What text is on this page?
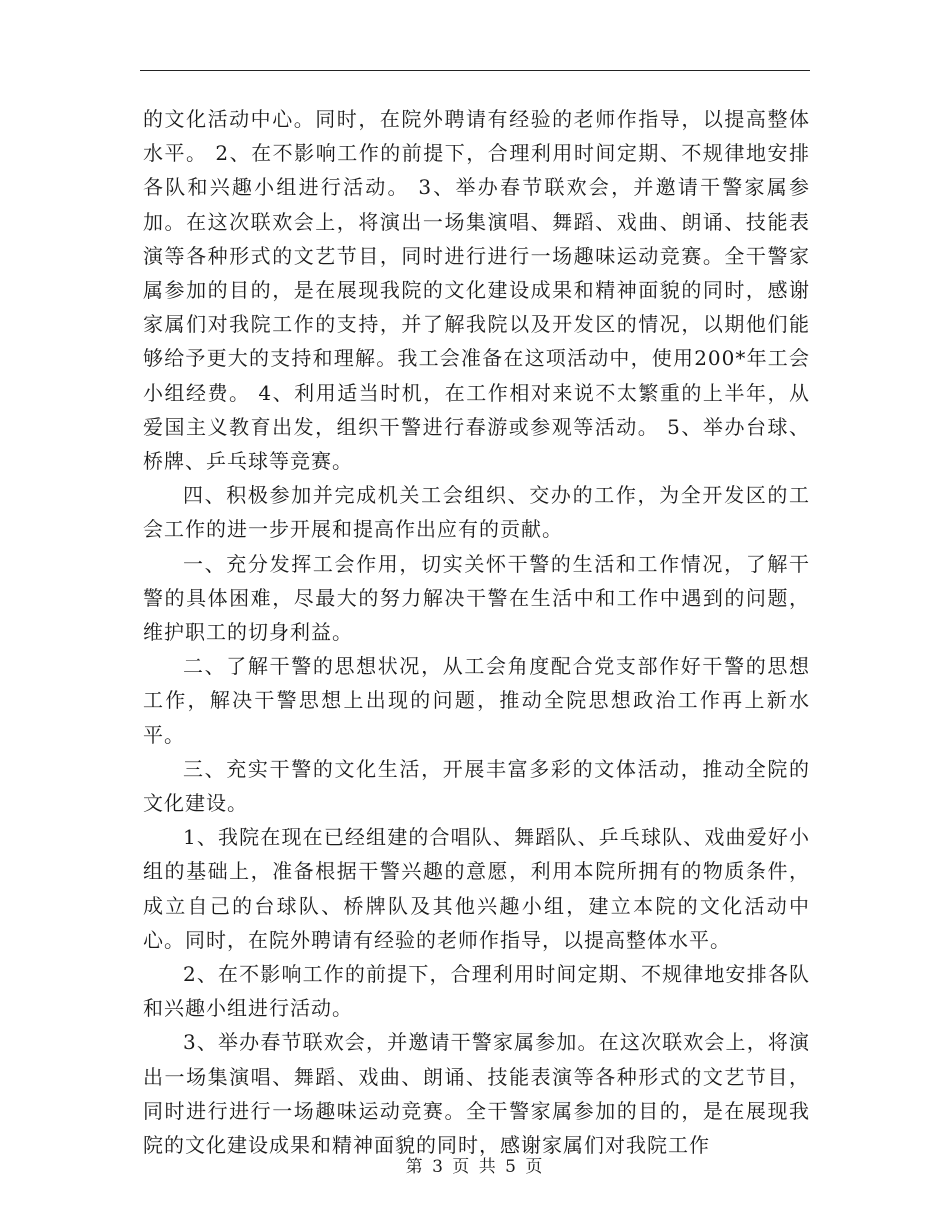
的文化活动中心。同时，在院外聘请有经验的老师作指导，以提高整体水平。 2、在不影响工作的前提下，合理利用时间定期、不规律地安排各队和兴趣小组进行活动。 3、举办春节联欢会，并邀请干警家属参加。在这次联欢会上，将演出一场集演唱、舞蹈、戏曲、朗诵、技能表演等各种形式的文艺节目，同时进行进行一场趣味运动竞赛。全干警家属参加的目的，是在展现我院的文化建设成果和精神面貌的同时，感谢家属们对我院工作的支持，并了解我院以及开发区的情况，以期他们能够给予更大的支持和理解。我工会准备在这项活动中，使用200*年工会小组经费。 4、利用适当时机，在工作相对来说不太繁重的上半年，从爱国主义教育出发，组织干警进行春游或参观等活动。 5、举办台球、桥牌、乒乓球等竞赛。

四、积极参加并完成机关工会组织、交办的工作，为全开发区的工会工作的进一步开展和提高作出应有的贡献。

一、充分发挥工会作用，切实关怀干警的生活和工作情况，了解干警的具体困难，尽最大的努力解决干警在生活中和工作中遇到的问题，维护职工的切身利益。

二、了解干警的思想状况，从工会角度配合党支部作好干警的思想工作，解决干警思想上出现的问题，推动全院思想政治工作再上新水平。

三、充实干警的文化生活，开展丰富多彩的文体活动，推动全院的文化建设。

1、我院在现在已经组建的合唱队、舞蹈队、乒乓球队、戏曲爱好小组的基础上，准备根据干警兴趣的意愿，利用本院所拥有的物质条件，成立自己的台球队、桥牌队及其他兴趣小组，建立本院的文化活动中心。同时，在院外聘请有经验的老师作指导，以提高整体水平。

2、在不影响工作的前提下，合理利用时间定期、不规律地安排各队和兴趣小组进行活动。

3、举办春节联欢会，并邀请干警家属参加。在这次联欢会上，将演出一场集演唱、舞蹈、戏曲、朗诵、技能表演等各种形式的文艺节目，同时进行进行一场趣味运动竞赛。全干警家属参加的目的，是在展现我院的文化建设成果和精神面貌的同时，感谢家属们对我院工作

第 3 页 共 5 页
